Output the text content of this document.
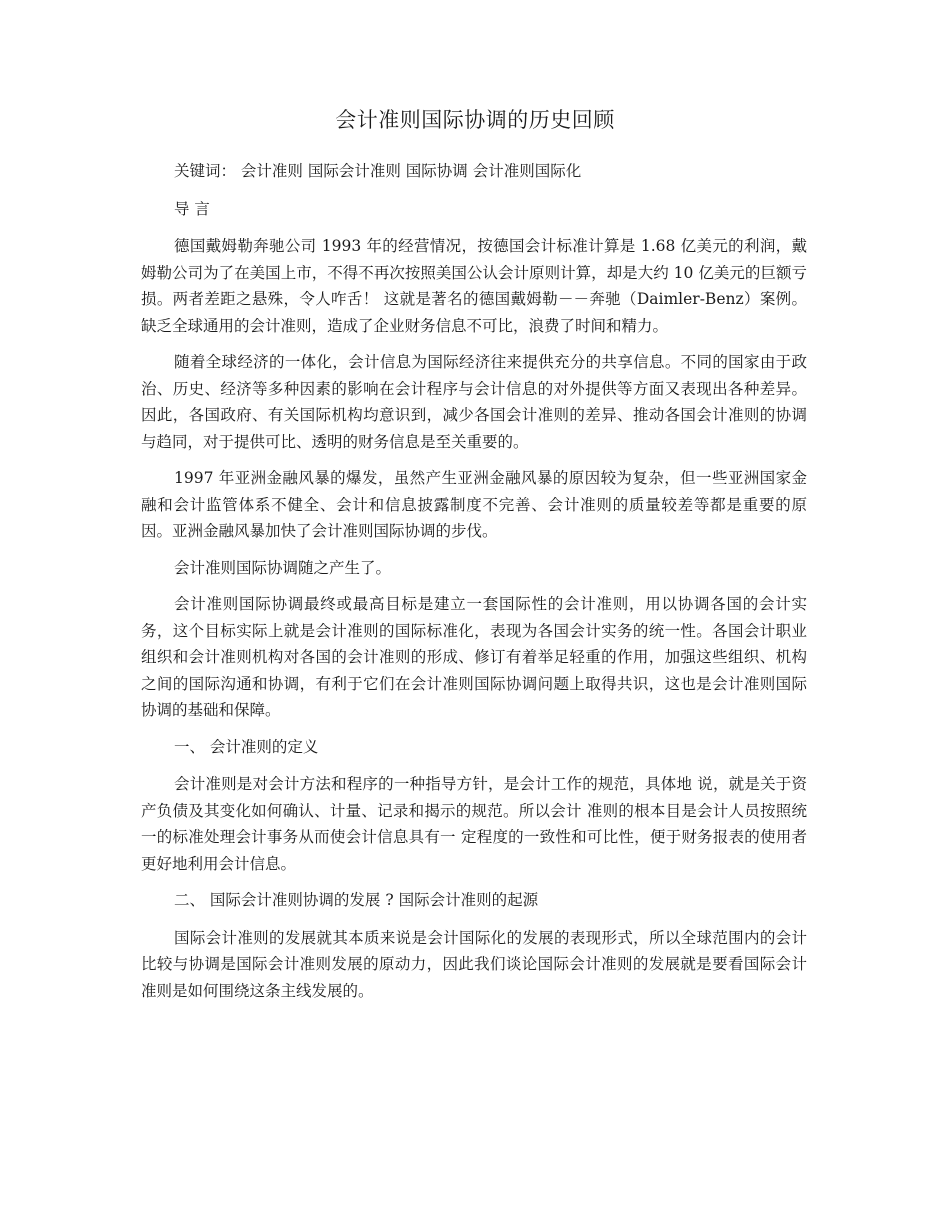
会计准则国际协调的历史回顾

关键词： 会计准则 国际会计准则 国际协调 会计准则国际化

导 言

德国戴姆勒奔驰公司 1993 年的经营情况，按德国会计标准计算是 1.68 亿美元的利润，戴姆勒公司为了在美国上市，不得不再次按照美国公认会计原则计算，却是大约 10 亿美元的巨额亏损。两者差距之悬殊，令人咋舌！ 这就是著名的德国戴姆勒－－奔驰（Daimler-Benz）案例。缺乏全球通用的会计准则，造成了企业财务信息不可比，浪费了时间和精力。

随着全球经济的一体化，会计信息为国际经济往来提供充分的共享信息。不同的国家由于政治、历史、经济等多种因素的影响在会计程序与会计信息的对外提供等方面又表现出各种差异。因此，各国政府、有关国际机构均意识到，减少各国会计准则的差异、推动各国会计准则的协调与趋同，对于提供可比、透明的财务信息是至关重要的。

1997 年亚洲金融风暴的爆发，虽然产生亚洲金融风暴的原因较为复杂，但一些亚洲国家金融和会计监管体系不健全、会计和信息披露制度不完善、会计准则的质量较差等都是重要的原因。亚洲金融风暴加快了会计准则国际协调的步伐。

会计准则国际协调随之产生了。

会计准则国际协调最终或最高目标是建立一套国际性的会计准则，用以协调各国的会计实务，这个目标实际上就是会计准则的国际标准化，表现为各国会计实务的统一性。各国会计职业组织和会计准则机构对各国的会计准则的形成、修订有着举足轻重的作用，加强这些组织、机构之间的国际沟通和协调，有利于它们在会计准则国际协调问题上取得共识，这也是会计准则国际协调的基础和保障。

一、 会计准则的定义

会计准则是对会计方法和程序的一种指导方针，是会计工作的规范，具体地 说，就是关于资产负债及其变化如何确认、计量、记录和揭示的规范。所以会计 准则的根本目是会计人员按照统一的标准处理会计事务从而使会计信息具有一 定程度的一致性和可比性，便于财务报表的使用者更好地利用会计信息。

二、 国际会计准则协调的发展 ? 国际会计准则的起源

国际会计准则的发展就其本质来说是会计国际化的发展的表现形式，所以全球范围内的会计比较与协调是国际会计准则发展的原动力，因此我们谈论国际会计准则的发展就是要看国际会计准则是如何围绕这条主线发展的。
